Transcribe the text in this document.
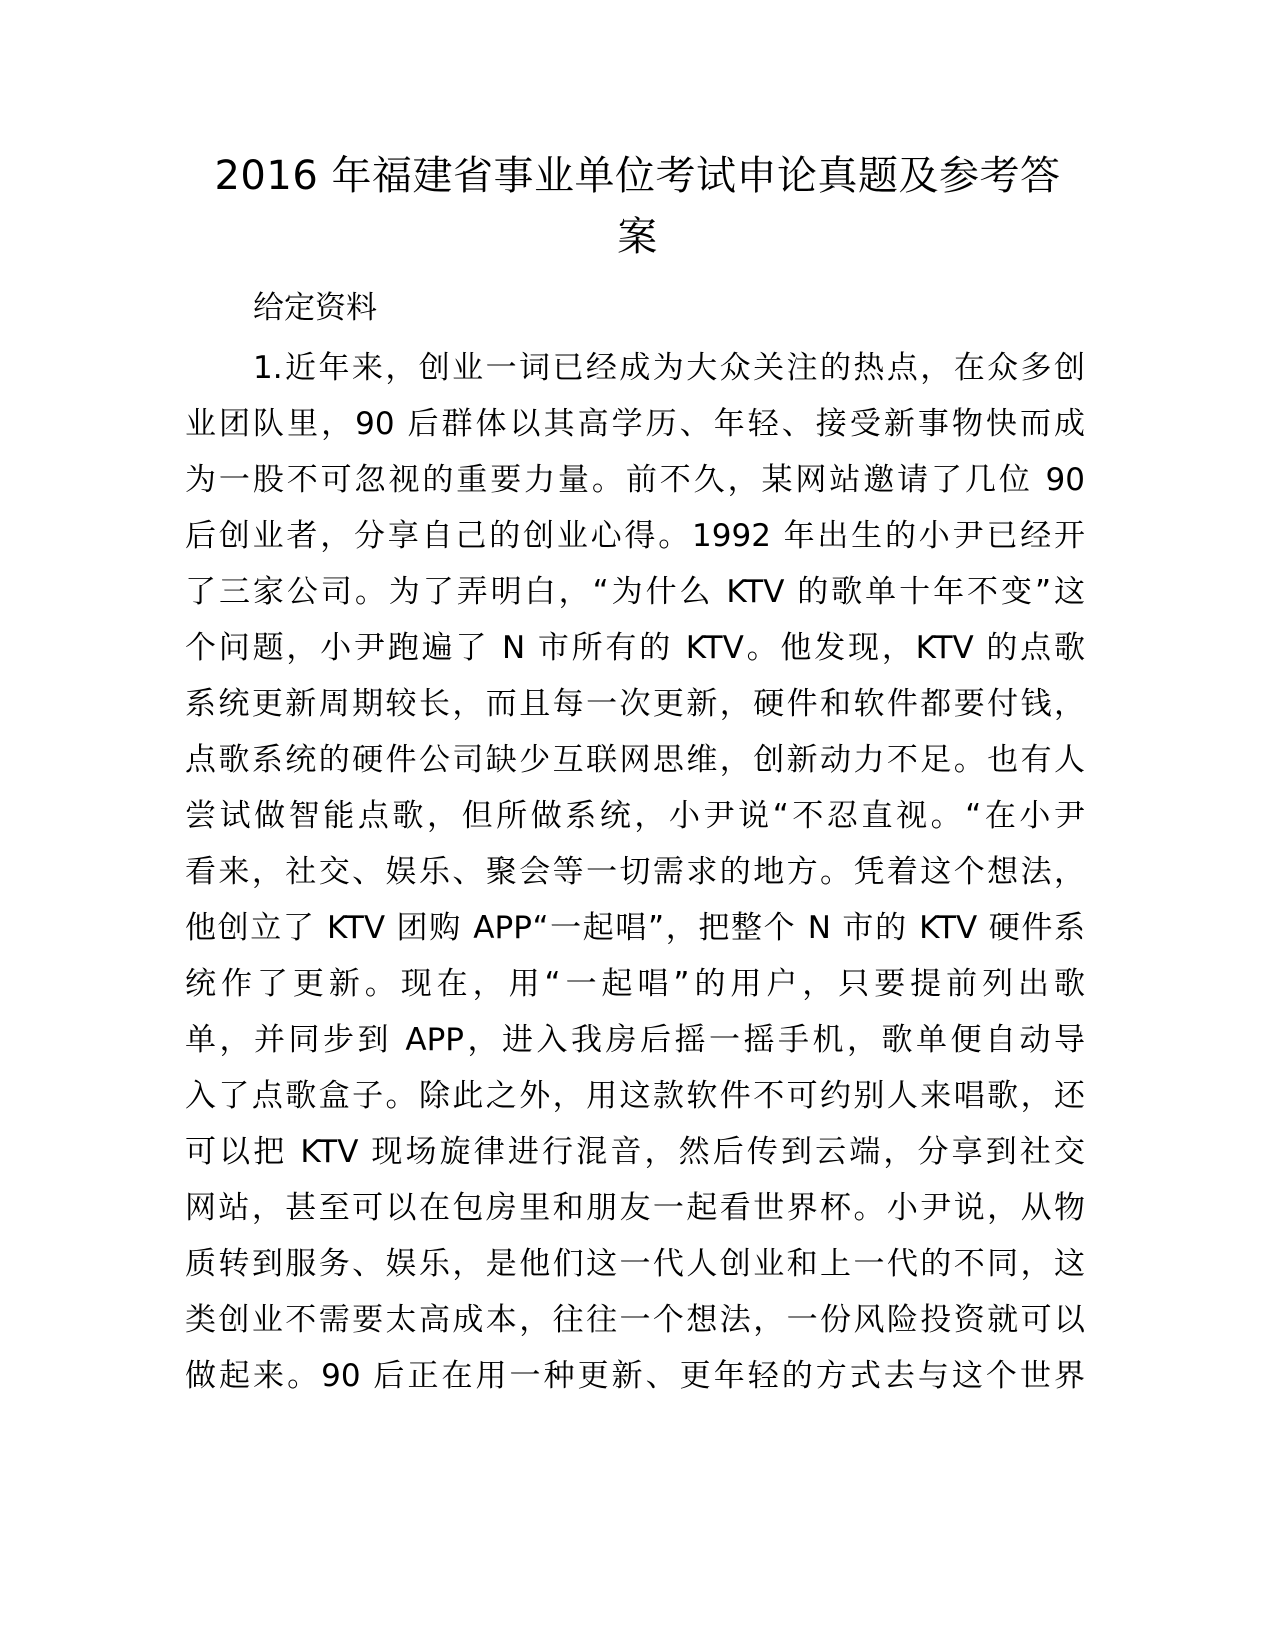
2016 年福建省事业单位考试申论真题及参考答
案
给定资料
1.近年来，创业一词已经成为大众关注的热点，在众多创
业团队里，90 后群体以其高学历、年轻、接受新事物快而成
为一股不可忽视的重要力量。前不久，某网站邀请了几位 90
后创业者，分享自己的创业心得。1992 年出生的小尹已经开
了三家公司。为了弄明白，“为什么 KTV 的歌单十年不变”这
个问题，小尹跑遍了 N 市所有的 KTV。他发现，KTV 的点歌
系统更新周期较长，而且每一次更新，硬件和软件都要付钱，
点歌系统的硬件公司缺少互联网思维，创新动力不足。也有人
尝试做智能点歌，但所做系统，小尹说“不忍直视。“在小尹
看来，社交、娱乐、聚会等一切需求的地方。凭着这个想法，
他创立了 KTV 团购 APP“一起唱”，把整个 N 市的 KTV 硬件系
统作了更新。现在，用“一起唱”的用户，只要提前列出歌
单，并同步到 APP，进入我房后摇一摇手机，歌单便自动导
入了点歌盒子。除此之外，用这款软件不可约别人来唱歌，还
可以把 KTV 现场旋律进行混音，然后传到云端，分享到社交
网站，甚至可以在包房里和朋友一起看世界杯。小尹说，从物
质转到服务、娱乐，是他们这一代人创业和上一代的不同，这
类创业不需要太高成本，往往一个想法，一份风险投资就可以
做起来。90 后正在用一种更新、更年轻的方式去与这个世界
